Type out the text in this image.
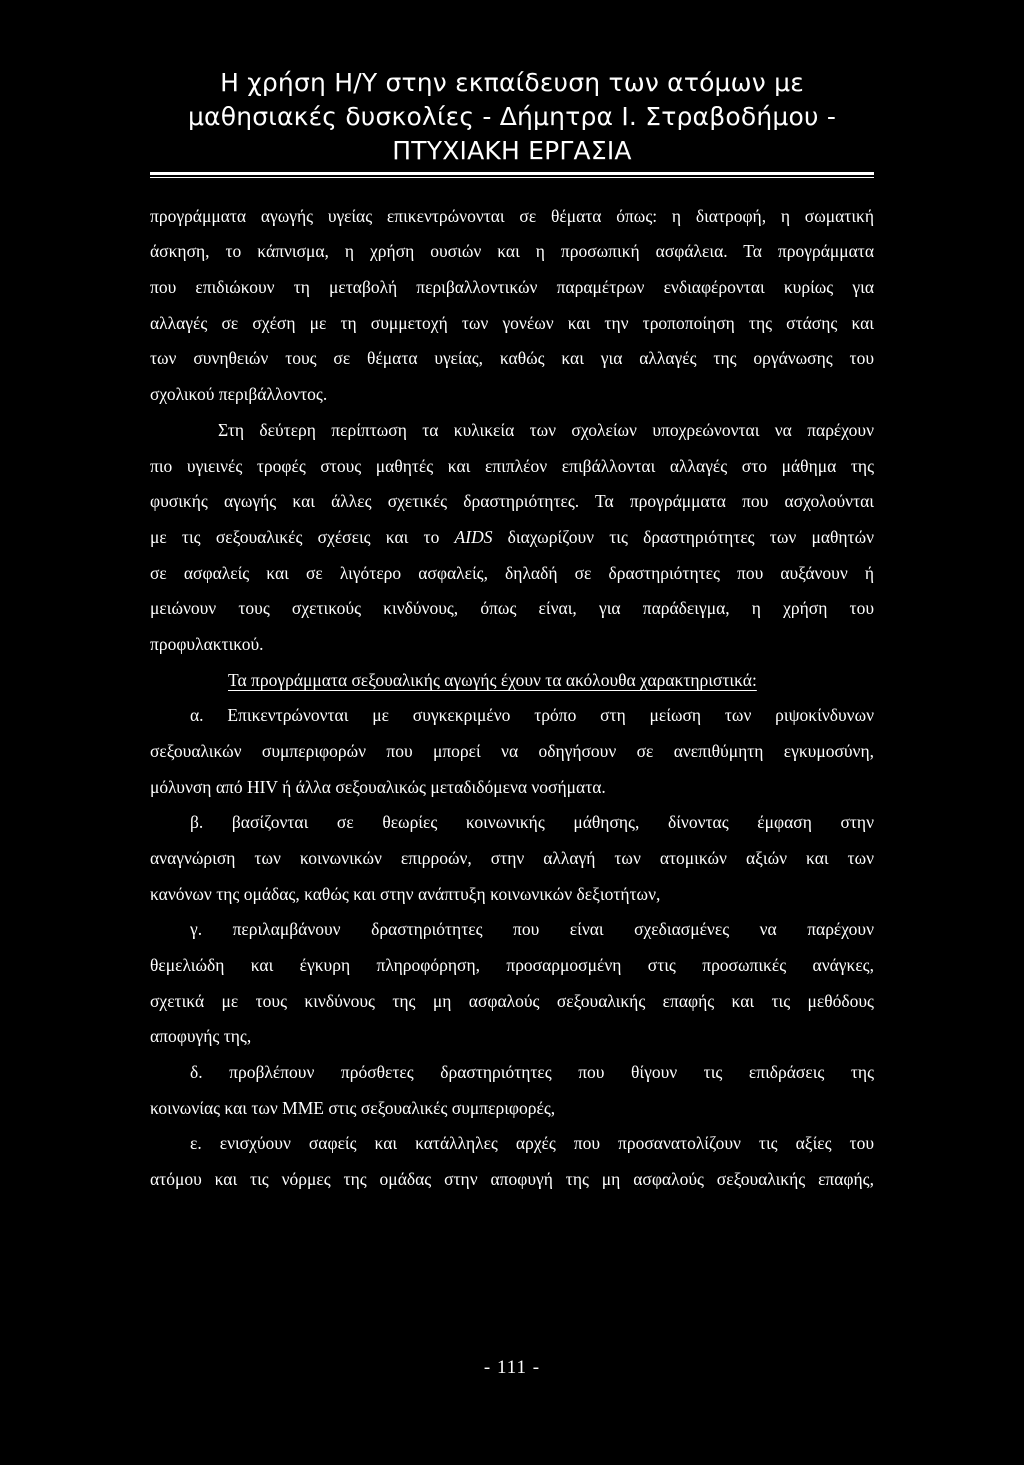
Η χρήση Η/Υ στην εκπαίδευση των ατόμων με
μαθησιακές δυσκολίες - Δήμητρα Ι. Στραβοδήμου -
ΠΤΥΧΙΑΚΗ ΕΡΓΑΣΙΑ
προγράμματα αγωγής υγείας επικεντρώνονται σε θέματα όπως: η διατροφή, η σωματική
άσκηση, το κάπνισμα, η χρήση ουσιών και η προσωπική ασφάλεια. Τα προγράμματα
που επιδιώκουν τη μεταβολή περιβαλλοντικών παραμέτρων ενδιαφέρονται κυρίως για
αλλαγές σε σχέση με τη συμμετοχή των γονέων και την τροποποίηση της στάσης και
των συνηθειών τους σε θέματα υγείας, καθώς και για αλλαγές της οργάνωσης του
σχολικού περιβάλλοντος.
Στη δεύτερη περίπτωση τα κυλικεία των σχολείων υποχρεώνονται να παρέχουν
πιο υγιεινές τροφές στους μαθητές και επιπλέον επιβάλλονται αλλαγές στο μάθημα της
φυσικής αγωγής και άλλες σχετικές δραστηριότητες. Τα προγράμματα που ασχολούνται
με τις σεξουαλικές σχέσεις και το AIDS διαχωρίζουν τις δραστηριότητες των μαθητών
σε ασφαλείς και σε λιγότερο ασφαλείς, δηλαδή σε δραστηριότητες που αυξάνουν ή
μειώνουν τους σχετικούς κινδύνους, όπως είναι, για παράδειγμα, η χρήση του
προφυλακτικού.
Τα προγράμματα σεξουαλικής αγωγής έχουν τα ακόλουθα χαρακτηριστικά:
α. Επικεντρώνονται με συγκεκριμένο τρόπο στη μείωση των ριψοκίνδυνων
σεξουαλικών συμπεριφορών που μπορεί να οδηγήσουν σε ανεπιθύμητη εγκυμοσύνη,
μόλυνση από HIV ή άλλα σεξουαλικώς μεταδιδόμενα νοσήματα.
β. βασίζονται σε θεωρίες κοινωνικής μάθησης, δίνοντας έμφαση στην
αναγνώριση των κοινωνικών επιρροών, στην αλλαγή των ατομικών αξιών και των
κανόνων της ομάδας, καθώς και στην ανάπτυξη κοινωνικών δεξιοτήτων,
γ. περιλαμβάνουν δραστηριότητες που είναι σχεδιασμένες να παρέχουν
θεμελιώδη και έγκυρη πληροφόρηση, προσαρμοσμένη στις προσωπικές ανάγκες,
σχετικά με τους κινδύνους της μη ασφαλούς σεξουαλικής επαφής και τις μεθόδους
αποφυγής της,
δ. προβλέπουν πρόσθετες δραστηριότητες που θίγουν τις επιδράσεις της
κοινωνίας και των ΜΜΕ στις σεξουαλικές συμπεριφορές,
ε. ενισχύουν σαφείς και κατάλληλες αρχές που προσανατολίζουν τις αξίες του
ατόμου και τις νόρμες της ομάδας στην αποφυγή της μη ασφαλούς σεξουαλικής επαφής,
- 111 -
